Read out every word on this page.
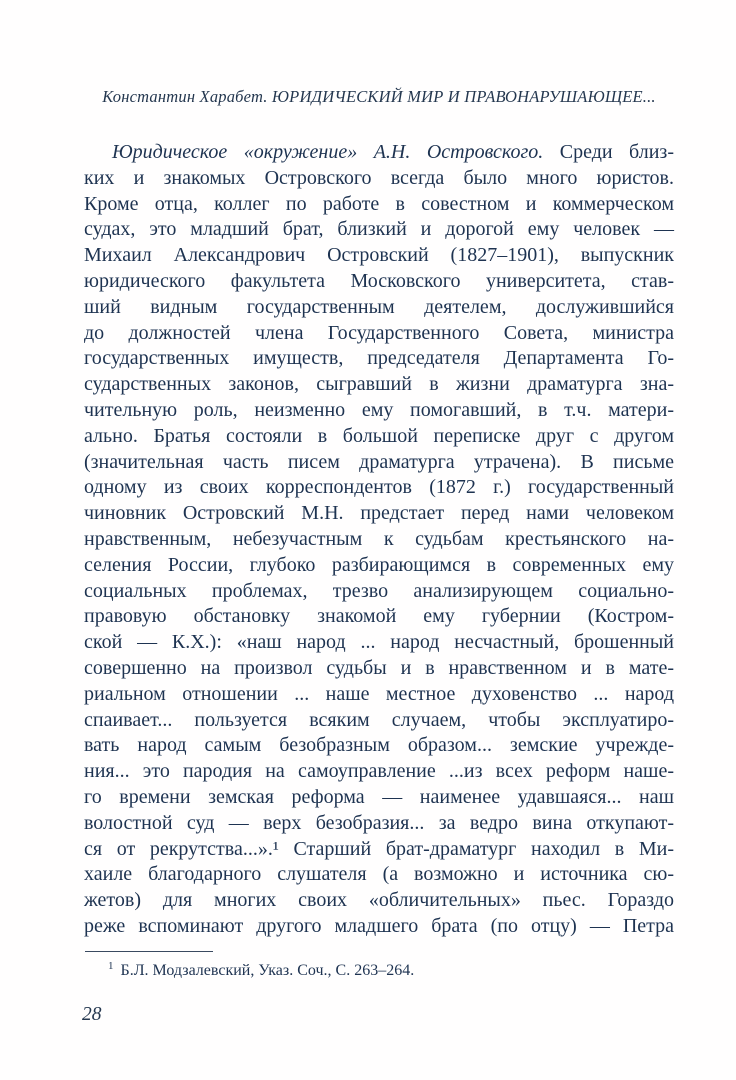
Константин Харабет. ЮРИДИЧЕСКИЙ МИР И ПРАВОНАРУШАЮЩЕЕ...
Юридическое «окружение» А.Н. Островского. Среди близ-
ких и знакомых Островского всегда было много юристов.
Кроме отца, коллег по работе в совестном и коммерческом
судах, это младший брат, близкий и дорогой ему человек —
Михаил Александрович Островский (1827–1901), выпускник
юридического факультета Московского университета, став-
ший видным государственным деятелем, дослужившийся
до должностей члена Государственного Совета, министра
государственных имуществ, председателя Департамента Го-
сударственных законов, сыгравший в жизни драматурга зна-
чительную роль, неизменно ему помогавший, в т.ч. матери-
ально. Братья состояли в большой переписке друг с другом
(значительная часть писем драматурга утрачена). В письме
одному из своих корреспондентов (1872 г.) государственный
чиновник Островский М.Н. предстает перед нами человеком
нравственным, небезучастным к судьбам крестьянского на-
селения России, глубоко разбирающимся в современных ему
социальных проблемах, трезво анализирующем социально-
правовую обстановку знакомой ему губернии (Костром-
ской — К.Х.): «наш народ ... народ несчастный, брошенный
совершенно на произвол судьбы и в нравственном и в мате-
риальном отношении ... наше местное духовенство ... народ
спаивает... пользуется всяким случаем, чтобы эксплуатиро-
вать народ самым безобразным образом... земские учрежде-
ния... это пародия на самоуправление ...из всех реформ наше-
го времени земская реформа — наименее удавшаяся... наш
волостной суд — верх безобразия... за ведро вина откупают-
ся от рекрутства...».¹ Старший брат-драматург находил в Ми-
хаиле благодарного слушателя (а возможно и источника сю-
жетов) для многих своих «обличительных» пьес. Гораздо
реже вспоминают другого младшего брата (по отцу) — Петра
$^1$ Б.Л. Модзалевский, Указ. Соч., С. 263–264.
28
